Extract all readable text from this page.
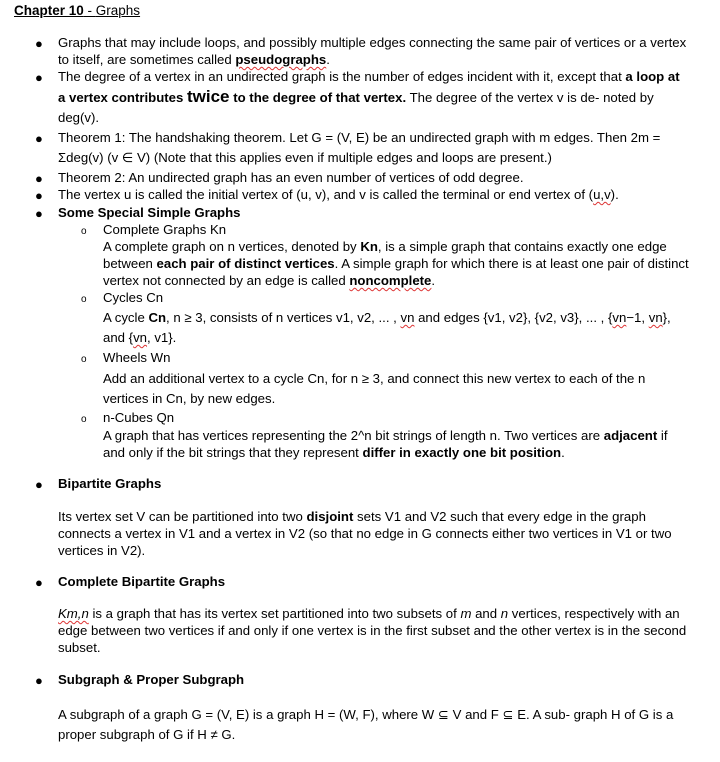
Chapter 10 - Graphs
● Graphs that may include loops, and possibly multiple edges connecting the same pair of vertices or a vertex to itself, are sometimes called pseudographs.
● The degree of a vertex in an undirected graph is the number of edges incident with it, except that a loop at a vertex contributes twice to the degree of that vertex. The degree of the vertex v is de- noted by deg(v).
● Theorem 1: The handshaking theorem. Let G = (V, E) be an undirected graph with m edges. Then 2m = Σdeg(v) (v ∈ V) (Note that this applies even if multiple edges and loops are present.)
● Theorem 2: An undirected graph has an even number of vertices of odd degree.
● The vertex u is called the initial vertex of (u, v), and v is called the terminal or end vertex of (u,v).
● Some Special Simple Graphs
o Complete Graphs Kn
A complete graph on n vertices, denoted by Kn, is a simple graph that contains exactly one edge between each pair of distinct vertices. A simple graph for which there is at least one pair of distinct vertex not connected by an edge is called noncomplete.
o Cycles Cn
A cycle Cn, n ≥ 3, consists of n vertices v1, v2, ... , vn and edges {v1, v2}, {v2, v3}, ... , {vn−1, vn}, and {vn, v1}.
o Wheels Wn
Add an additional vertex to a cycle Cn, for n ≥ 3, and connect this new vertex to each of the n vertices in Cn, by new edges.
o n-Cubes Qn
A graph that has vertices representing the 2^n bit strings of length n. Two vertices are adjacent if and only if the bit strings that they represent differ in exactly one bit position.
● Bipartite Graphs
Its vertex set V can be partitioned into two disjoint sets V1 and V2 such that every edge in the graph connects a vertex in V1 and a vertex in V2 (so that no edge in G connects either two vertices in V1 or two vertices in V2).
● Complete Bipartite Graphs
Km,n is a graph that has its vertex set partitioned into two subsets of m and n vertices, respectively with an edge between two vertices if and only if one vertex is in the first subset and the other vertex is in the second subset.
● Subgraph & Proper Subgraph
A subgraph of a graph G = (V, E) is a graph H = (W, F), where W ⊆ V and F ⊆ E. A sub- graph H of G is a proper subgraph of G if H ≠ G.
